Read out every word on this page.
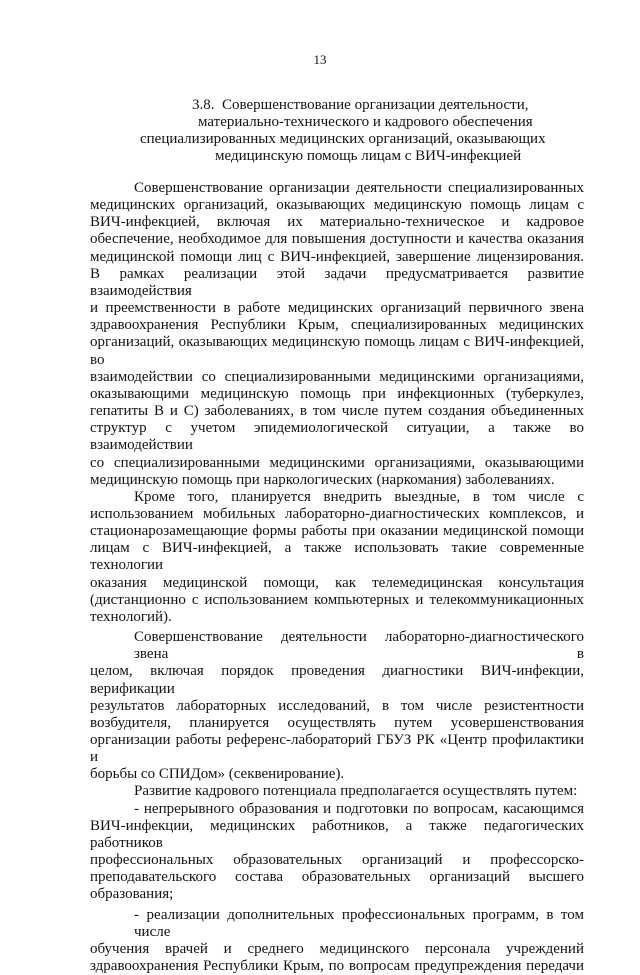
13
3.8. Совершенствование организации деятельности,
материально-технического и кадрового обеспечения
специализированных медицинских организаций, оказывающих
медицинскую помощь лицам с ВИЧ-инфекцией
Совершенствование организации деятельности специализированных
медицинских организаций, оказывающих медицинскую помощь лицам с
ВИЧ-инфекцией, включая их материально-техническое и кадровое
обеспечение, необходимое для повышения доступности и качества оказания
медицинской помощи лиц с ВИЧ-инфекцией, завершение лицензирования.
В рамках реализации этой задачи предусматривается развитие взаимодействия
и преемственности в работе медицинских организаций первичного звена
здравоохранения Республики Крым, специализированных медицинских
организаций, оказывающих медицинскую помощь лицам с ВИЧ-инфекцией, во
взаимодействии со специализированными медицинскими организациями,
оказывающими медицинскую помощь при инфекционных (туберкулез,
гепатиты В и С) заболеваниях, в том числе путем создания объединенных
структур с учетом эпидемиологической ситуации, а также во взаимодействии
со специализированными медицинскими организациями, оказывающими
медицинскую помощь при наркологических (наркомания) заболеваниях.
Кроме того, планируется внедрить выездные, в том числе с
использованием мобильных лабораторно-диагностических комплексов, и
стационарозамещающие формы работы при оказании медицинской помощи
лицам с ВИЧ-инфекцией, а также использовать такие современные технологии
оказания медицинской помощи, как телемедицинская консультация
(дистанционно с использованием компьютерных и телекоммуникационных
технологий).
Совершенствование деятельности лабораторно-диагностического звена в
целом, включая порядок проведения диагностики ВИЧ-инфекции, верификации
результатов лабораторных исследований, в том числе резистентности
возбудителя, планируется осуществлять путем усовершенствования
организации работы референс-лабораторий ГБУЗ РК «Центр профилактики и
борьбы со СПИДом» (секвенирование).
Развитие кадрового потенциала предполагается осуществлять путем:
- непрерывного образования и подготовки по вопросам, касающимся
ВИЧ-инфекции, медицинских работников, а также педагогических работников
профессиональных образовательных организаций и профессорско-
преподавательского состава образовательных организаций высшего
образования;
- реализации дополнительных профессиональных программ, в том числе
обучения врачей и среднего медицинского персонала учреждений
здравоохранения Республики Крым, по вопросам предупреждения передачи
